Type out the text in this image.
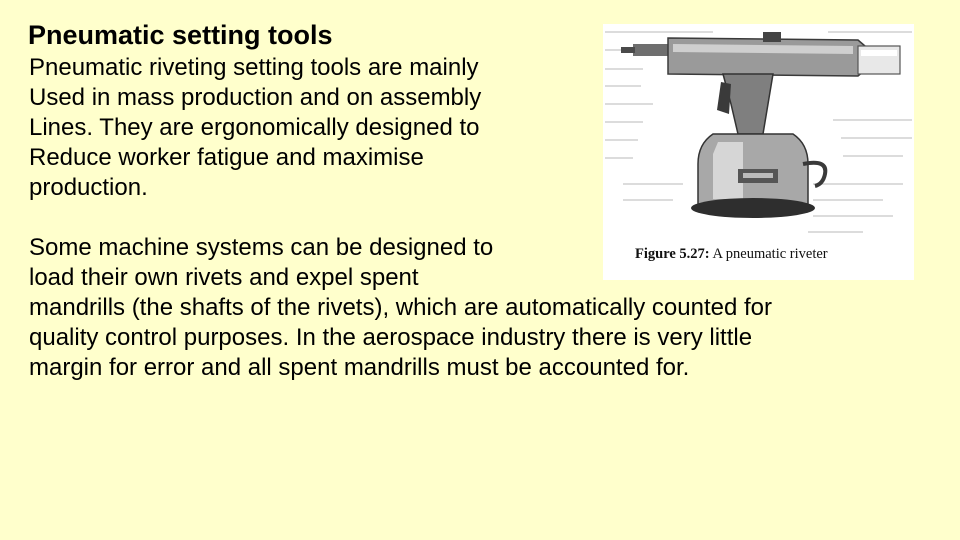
Pneumatic setting tools
Pneumatic riveting setting tools are mainly
Used in mass production and on assembly
Lines. They are ergonomically designed to
Reduce worker fatigue and maximise
production.
Figure 5.27: A pneumatic riveter
Some machine systems can be designed to
load their own rivets and expel spent
mandrills (the shafts of the rivets), which are automatically counted for
quality control purposes. In the aerospace industry there is very little
margin for error and all spent mandrills must be accounted for.
